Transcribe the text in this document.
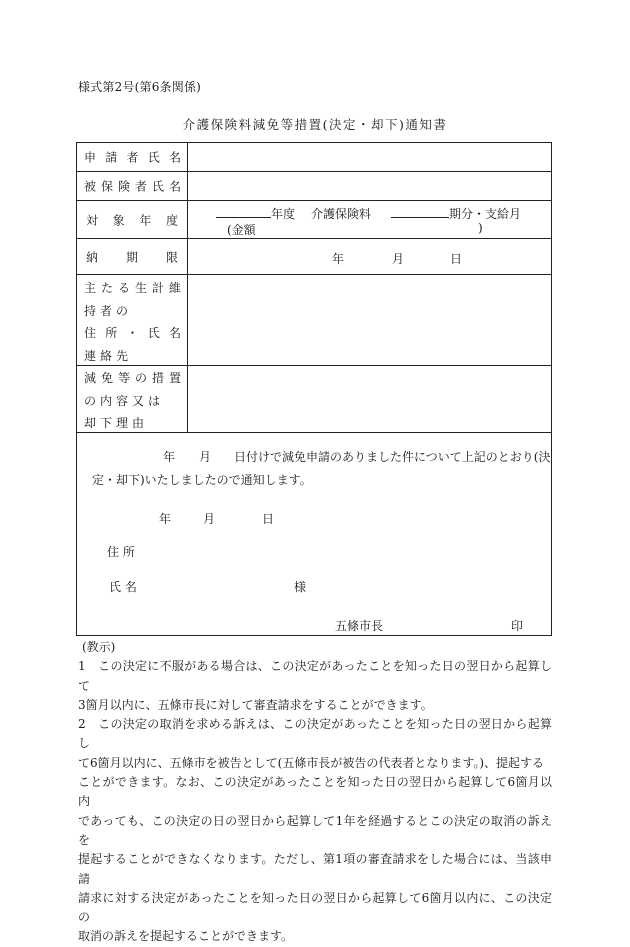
様式第2号(第6条関係)
介護保険料減免等措置(決定・却下)通知書
申請者氏名
被保険者氏名
対象年度	年度 介護保険料	期分・支給月
(金額	)
納期限	年	月	日
主たる生計維
持者の
住所・氏名
連絡先
減免等の措置
の内容又は
却下理由
年 月 日付けで減免申請のありました件について上記のとおり(決
定・却下)いたしましたので通知します。
年	月	日
住 所
氏 名	様
五條市長	印

(教示)

1　この決定に不服がある場合は、この決定があったことを知った日の翌日から起算して

3箇月以内に、五條市長に対して審査請求をすることができます。

2　この決定の取消を求める訴えは、この決定があったことを知った日の翌日から起算し

て6箇月以内に、五條市を被告として(五條市長が被告の代表者となります。)、提起する

ことができます。なお、この決定があったことを知った日の翌日から起算して6箇月以内

であっても、この決定の日の翌日から起算して1年を経過するとこの決定の取消の訴えを

提起することができなくなります。ただし、第1項の審査請求をした場合には、当該申請

請求に対する決定があったことを知った日の翌日から起算して6箇月以内に、この決定の

取消の訴えを提起することができます。
